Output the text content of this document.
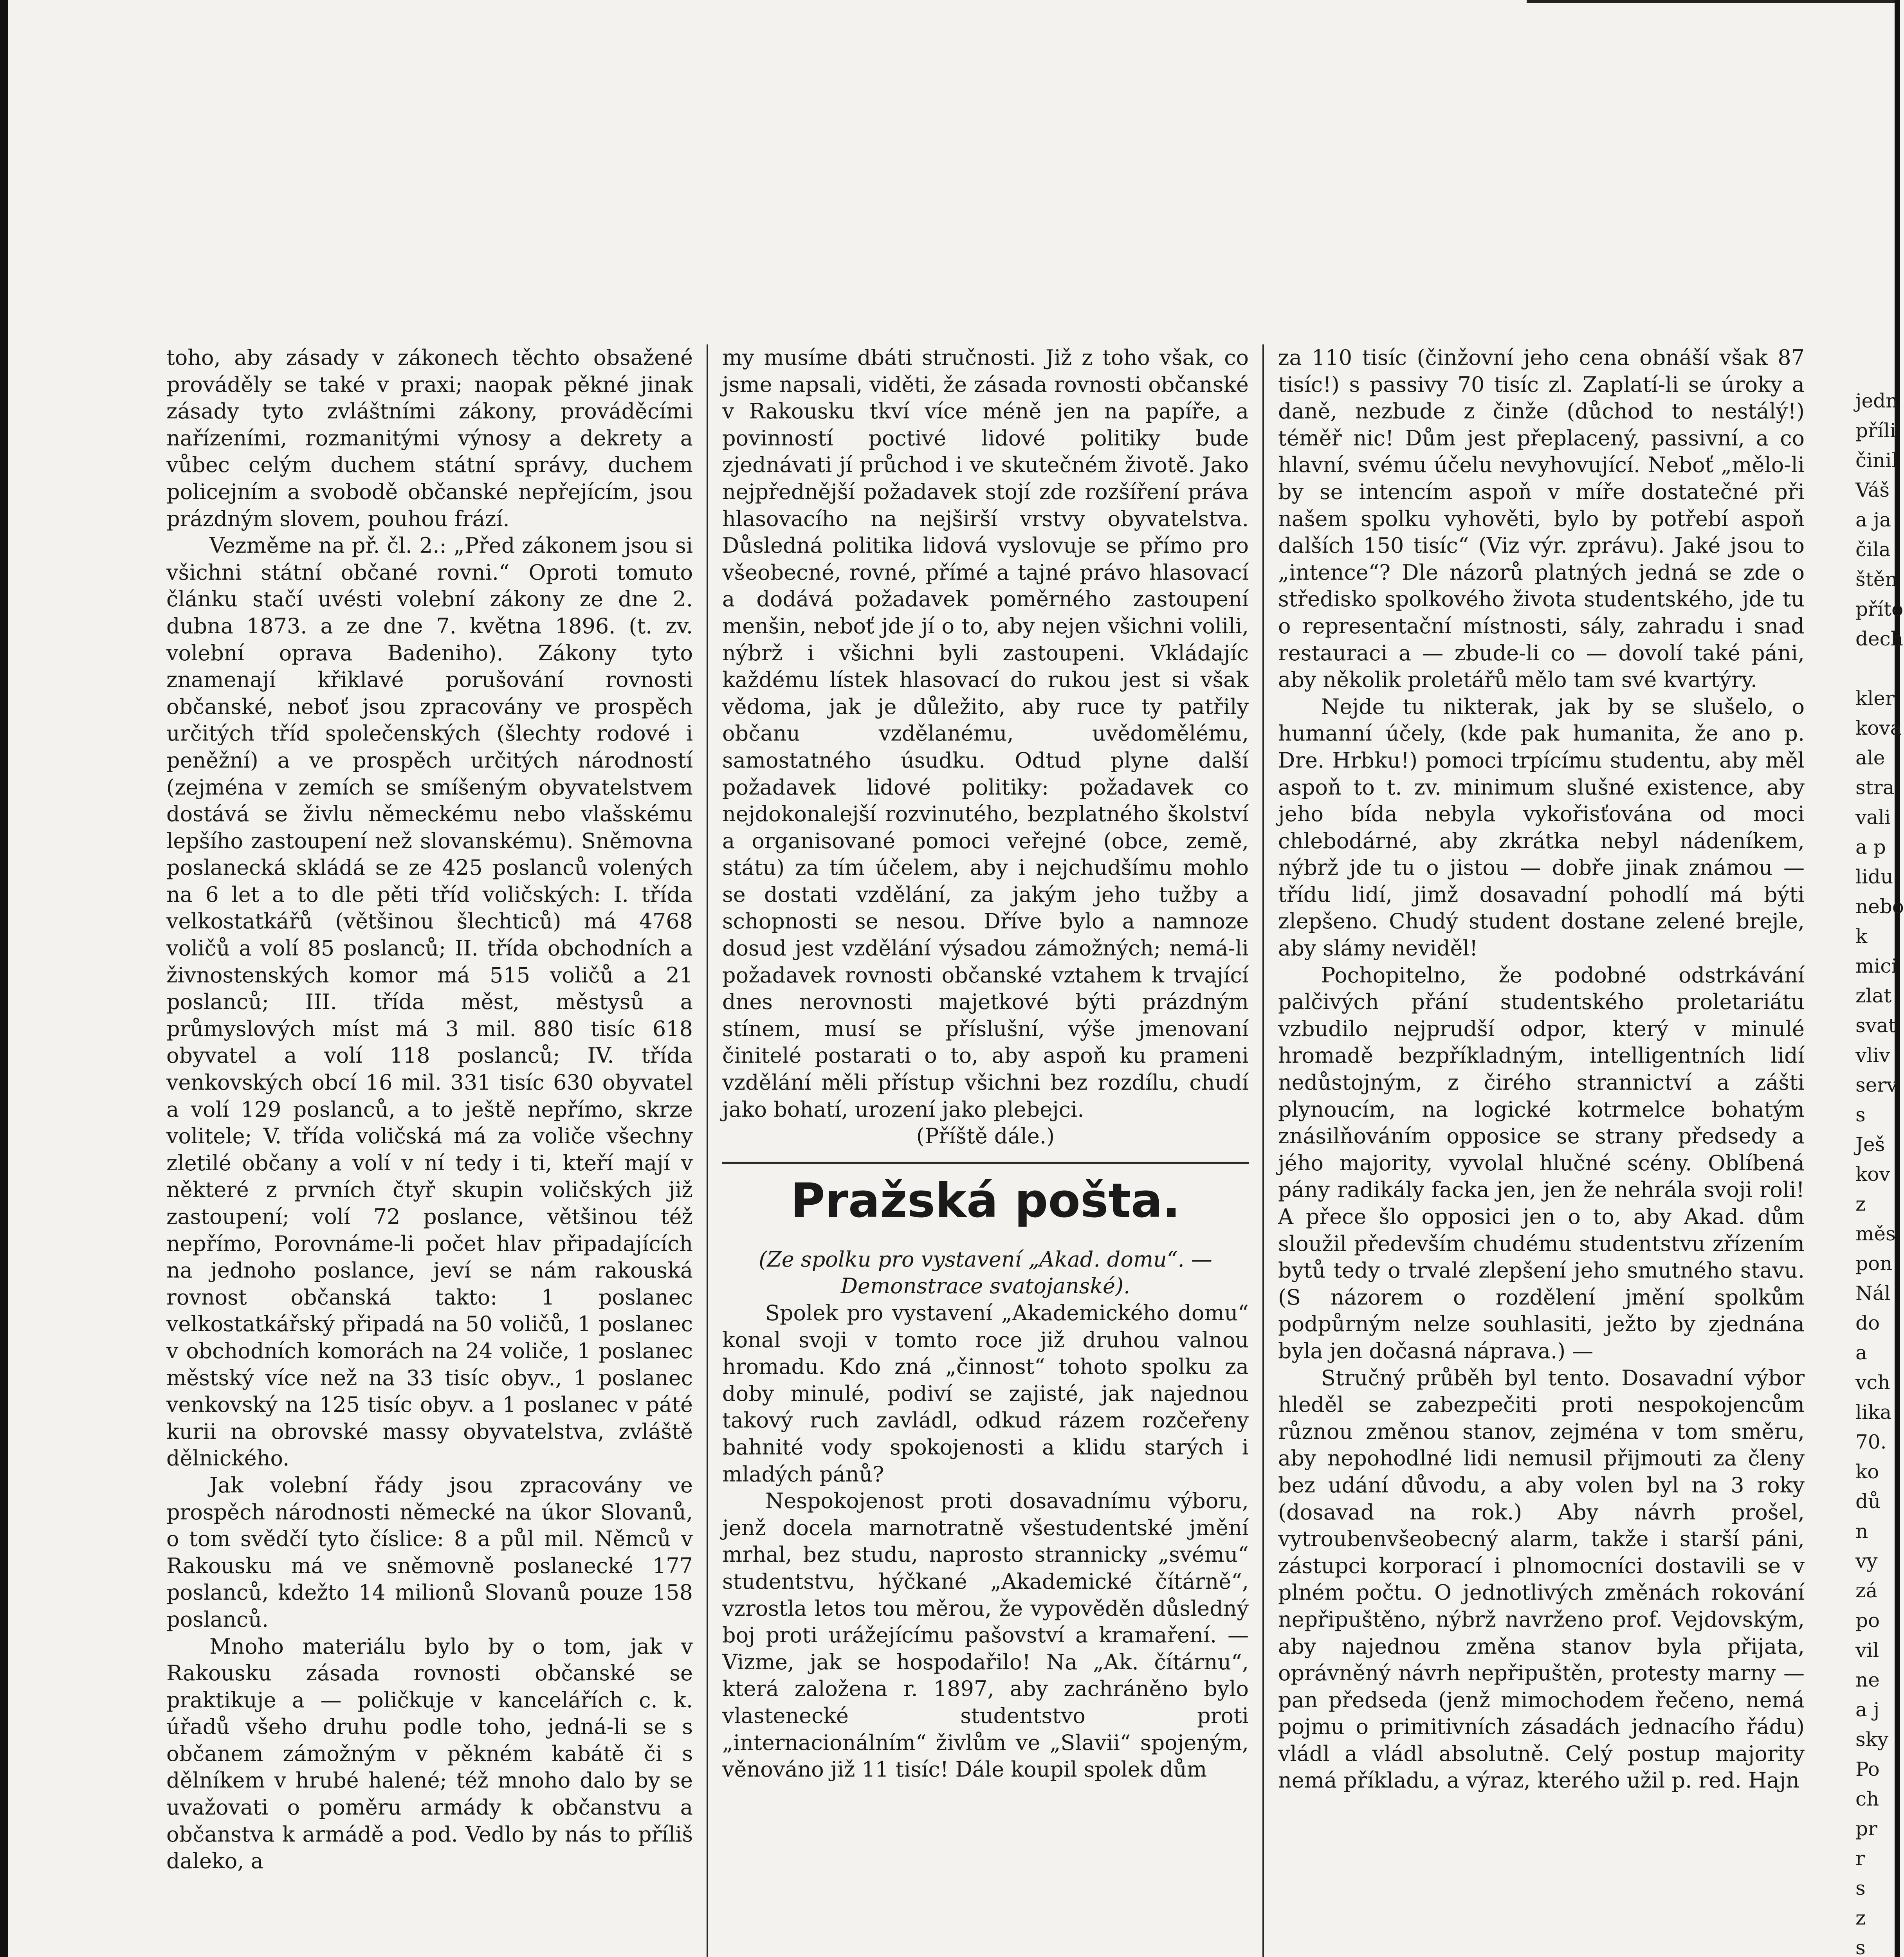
toho, aby zásady v zákonech těchto obsažené prováděly se také v praxi; naopak pěkné jinak zásady tyto zvláštními zákony, prováděcími nařízeními, rozmanitými výnosy a dekrety a vůbec celým duchem státní správy, duchem policejním a svobodě občanské nepřejícím, jsou prázdným slovem, pouhou frází.

Vezměme na př. čl. 2.: „Před zákonem jsou si všichni státní občané rovni.“ Oproti tomuto článku stačí uvésti volební zákony ze dne 2. dubna 1873. a ze dne 7. května 1896. (t. zv. volební oprava Badeniho). Zákony tyto znamenají křiklavé porušování rovnosti občanské, neboť jsou zpracovány ve prospěch určitých tříd společenských (šlechty rodové i peněžní) a ve prospěch určitých národností (zejména v zemích se smíšeným obyvatelstvem dostává se živlu německému nebo vlašskému lepšího zastoupení než slovanskému). Sněmovna poslanecká skládá se ze 425 poslanců volených na 6 let a to dle pěti tříd voličských: I. třída velkostatkářů (většinou šlechticů) má 4768 voličů a volí 85 poslanců; II. třída obchodních a živnostenských komor má 515 voličů a 21 poslanců; III. třída měst, městysů a průmyslových míst má 3 mil. 880 tisíc 618 obyvatel a volí 118 poslanců; IV. třída venkovských obcí 16 mil. 331 tisíc 630 obyvatel a volí 129 poslanců, a to ještě nepřímo, skrze volitele; V. třída voličská má za voliče všechny zletilé občany a volí v ní tedy i ti, kteří mají v některé z prvních čtyř skupin voličských již zastoupení; volí 72 poslance, většinou též nepřímo, Porovnáme-li počet hlav připadajících na jednoho poslance, jeví se nám rakouská rovnost občanská takto: 1 poslanec velkostatkářský připadá na 50 voličů, 1 poslanec v obchodních komorách na 24 voliče, 1 poslanec městský více než na 33 tisíc obyv., 1 poslanec venkovský na 125 tisíc obyv. a 1 poslanec v páté kurii na obrovské massy obyvatelstva, zvláště dělnického.

Jak volební řády jsou zpracovány ve prospěch národnosti německé na úkor Slovanů, o tom svědčí tyto číslice: 8 a půl mil. Němců v Rakousku má ve sněmovně poslanecké 177 poslanců, kdežto 14 milionů Slovanů pouze 158 poslanců.

Mnoho materiálu bylo by o tom, jak v Rakousku zásada rovnosti občanské se praktikuje a — poličkuje v kancelářích c. k. úřadů všeho druhu podle toho, jedná-li se s občanem zámožným v pěkném kabátě či s dělníkem v hrubé halené; též mnoho dalo by se uvažovati o poměru armády k občanstvu a občanstva k armádě a pod. Vedlo by nás to příliš daleko, a

my musíme dbáti stručnosti. Již z toho však, co jsme napsali, viděti, že zásada rovnosti občanské v Rakousku tkví více méně jen na papíře, a povinností poctivé lidové politiky bude zjednávati jí průchod i ve skutečném životě. Jako nejpřednější požadavek stojí zde rozšíření práva hlasovacího na nejširší vrstvy obyvatelstva. Důsledná politika lidová vyslovuje se přímo pro všeobecné, rovné, přímé a tajné právo hlasovací a dodává požadavek poměrného zastoupení menšin, neboť jde jí o to, aby nejen všichni volili, nýbrž i všichni byli zastoupeni. Vkládajíc každému lístek hlasovací do rukou jest si však vědoma, jak je důležito, aby ruce ty patřily občanu vzdělanému, uvědomělému, samostatného úsudku. Odtud plyne další požadavek lidové politiky: požadavek co nejdokonalejší rozvinutého, bezplatného školství a organisované pomoci veřejné (obce, země, státu) za tím účelem, aby i nejchudšímu mohlo se dostati vzdělání, za jakým jeho tužby a schopnosti se nesou. Dříve bylo a namnoze dosud jest vzdělání výsadou zámožných; nemá-li požadavek rovnosti občanské vztahem k trvající dnes nerovnosti majetkové býti prázdným stínem, musí se příslušní, výše jmenovaní činitelé postarati o to, aby aspoň ku prameni vzdělání měli přístup všichni bez rozdílu, chudí jako bohatí, urození jako plebejci.

(Příště dále.)

Pražská pošta.

(Ze spolku pro vystavení „Akad. domu“. — Demonstrace svatojanské).

Spolek pro vystavení „Akademického domu“ konal svoji v tomto roce již druhou valnou hromadu. Kdo zná „činnost“ tohoto spolku za doby minulé, podiví se zajisté, jak najednou takový ruch zavládl, odkud rázem rozčeřeny bahnité vody spokojenosti a klidu starých i mladých pánů?

Nespokojenost proti dosavadnímu výboru, jenž docela marnotratně všestudentské jmění mrhal, bez studu, naprosto strannicky „svému“ studentstvu, hýčkané „Akademické čítárně“, vzrostla letos tou měrou, že vypověděn důsledný boj proti urážejícímu pašovství a kramaření. — Vizme, jak se hospodařilo! Na „Ak. čítárnu“, která založena r. 1897, aby zachráněno bylo vlastenecké studentstvo proti „internacionálním“ živlům ve „Slavii“ spojeným, věnováno již 11 tisíc! Dále koupil spolek dům

za 110 tisíc (činžovní jeho cena obnáší však 87 tisíc!) s passivy 70 tisíc zl. Zaplatí-li se úroky a daně, nezbude z činže (důchod to nestálý!) téměř nic! Dům jest přeplacený, passivní, a co hlavní, svému účelu nevyhovující. Neboť „mělo-li by se intencím aspoň v míře dostatečné při našem spolku vyhověti, bylo by potřebí aspoň dalších 150 tisíc“ (Viz výr. zprávu). Jaké jsou to „intence“? Dle názorů platných jedná se zde o středisko spolkového života studentského, jde tu o representační místnosti, sály, zahradu i snad restauraci a — zbude-li co — dovolí také páni, aby několik proletářů mělo tam své kvartýry.

Nejde tu nikterak, jak by se slušelo, o humanní účely, (kde pak humanita, že ano p. Dre. Hrbku!) pomoci trpícímu studentu, aby měl aspoň to t. zv. minimum slušné existence, aby jeho bída nebyla vykořisťována od moci chlebodárné, aby zkrátka nebyl nádeníkem, nýbrž jde tu o jistou — dobře jinak známou — třídu lidí, jimž dosavadní pohodlí má býti zlepšeno. Chudý student dostane zelené brejle, aby slámy neviděl!

Pochopitelno, že podobné odstrkávání palčivých přání studentského proletariátu vzbudilo nejprudší odpor, který v minulé hromadě bezpříkladným, intelligentních lidí nedůstojným, z čirého strannictví a zášti plynoucím, na logické kotrmelce bohatým znásilňováním opposice se strany předsedy a jého majority, vyvolal hlučné scény. Oblíbená pány radikály facka jen, jen že nehrála svoji roli! A přece šlo opposici jen o to, aby Akad. dům sloužil především chudému studentstvu zřízením bytů tedy o trvalé zlepšení jeho smutného stavu. (S názorem o rozdělení jmění spolkům podpůrným nelze souhlasiti, ježto by zjednána byla jen dočasná náprava.) —

Stručný průběh byl tento. Dosavadní výbor hleděl se zabezpečiti proti nespokojencům různou změnou stanov, zejména v tom směru, aby nepohodlné lidi nemusil přijmouti za členy bez udání důvodu, a aby volen byl na 3 roky (dosavad na rok.) Aby návrh prošel, vytroubenvšeobecný alarm, takže i starší páni, zástupci korporací i plnomocníci dostavili se v plném počtu. O jednotlivých změnách rokování nepřipuštěno, nýbrž navrženo prof. Vejdovským, aby najednou změna stanov byla přijata, oprávněný návrh nepřipuštěn, protesty marny — pan předseda (jenž mimochodem řečeno, nemá pojmu o primitivních zásadách jednacího řádu) vládl a vládl absolutně. Celý postup majority nemá příkladu, a výraz, kterého užil p. red. Hajn

jedn
příli
činil
Váš
a ja
čila
štěn
příto
dech
kler
kova
ale
stra
vali
a p
lidu
nebo
k
mici
zlat
svat
vliv
serv
s
Ješ
kov
z
měs
pon
Nál
do
a
vch
lika
70.
ko
dů
n
vy
zá
po
vil
ne
a j
sky
Po
ch
pr
r
s
z
s
